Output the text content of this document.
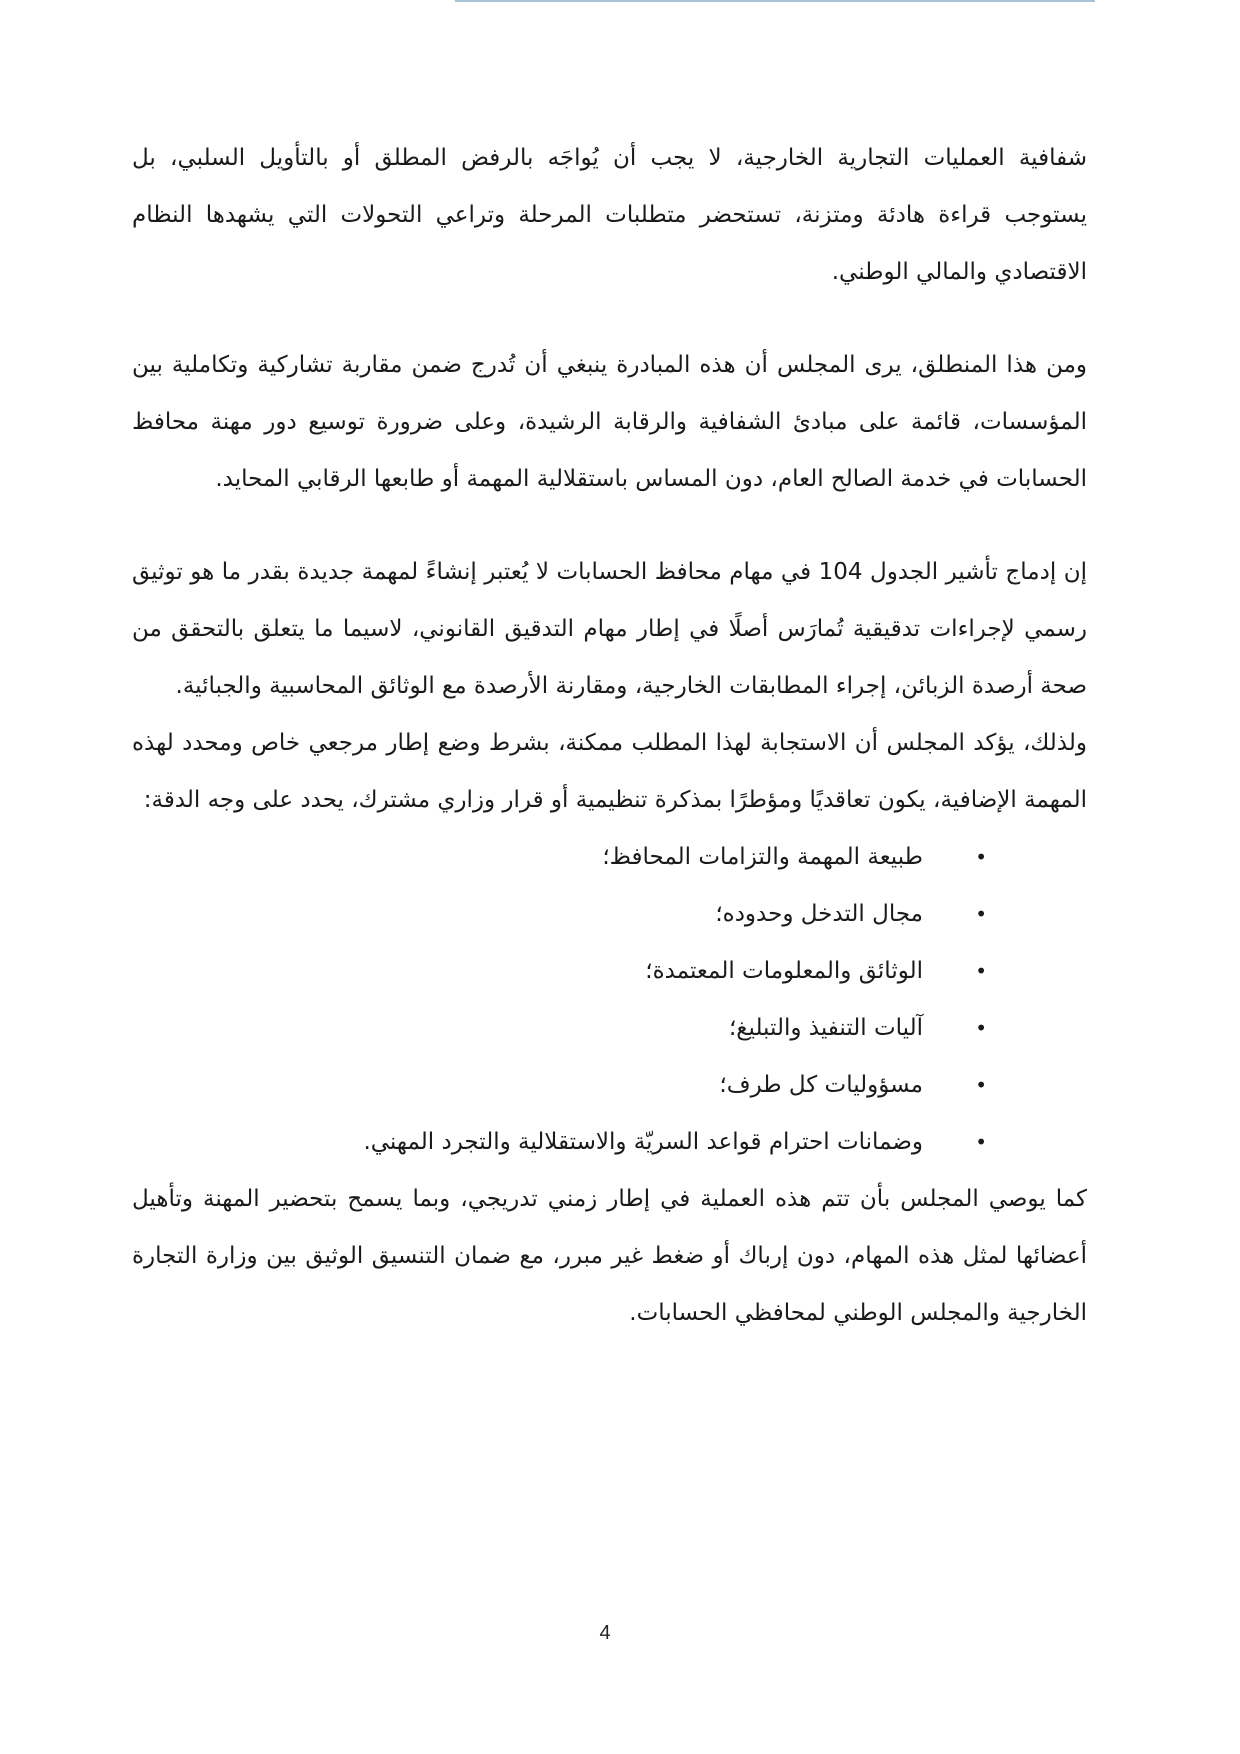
شفافية العمليات التجارية الخارجية، لا يجب أن يُواجَه بالرفض المطلق أو بالتأويل السلبي، بل يستوجب قراءة هادئة ومتزنة، تستحضر متطلبات المرحلة وتراعي التحولات التي يشهدها النظام الاقتصادي والمالي الوطني.

ومن هذا المنطلق، يرى المجلس أن هذه المبادرة ينبغي أن تُدرج ضمن مقاربة تشاركية وتكاملية بين المؤسسات، قائمة على مبادئ الشفافية والرقابة الرشيدة، وعلى ضرورة توسيع دور مهنة محافظ الحسابات في خدمة الصالح العام، دون المساس باستقلالية المهمة أو طابعها الرقابي المحايد.

إن إدماج تأشير الجدول 104 في مهام محافظ الحسابات لا يُعتبر إنشاءً لمهمة جديدة بقدر ما هو توثيق رسمي لإجراءات تدقيقية تُمارَس أصلًا في إطار مهام التدقيق القانوني، لاسيما ما يتعلق بالتحقق من صحة أرصدة الزبائن، إجراء المطابقات الخارجية، ومقارنة الأرصدة مع الوثائق المحاسبية والجبائية.

ولذلك، يؤكد المجلس أن الاستجابة لهذا المطلب ممكنة، بشرط وضع إطار مرجعي خاص ومحدد لهذه المهمة الإضافية، يكون تعاقديًا ومؤطرًا بمذكرة تنظيمية أو قرار وزاري مشترك، يحدد على وجه الدقة:

•
طبيعة المهمة والتزامات المحافظ؛
•
مجال التدخل وحدوده؛
•
الوثائق والمعلومات المعتمدة؛
•
آليات التنفيذ والتبليغ؛
•
مسؤوليات كل طرف؛
•
وضمانات احترام قواعد السريّة والاستقلالية والتجرد المهني.

كما يوصي المجلس بأن تتم هذه العملية في إطار زمني تدريجي، وبما يسمح بتحضير المهنة وتأهيل أعضائها لمثل هذه المهام، دون إرباك أو ضغط غير مبرر، مع ضمان التنسيق الوثيق بين وزارة التجارة الخارجية والمجلس الوطني لمحافظي الحسابات.

4
